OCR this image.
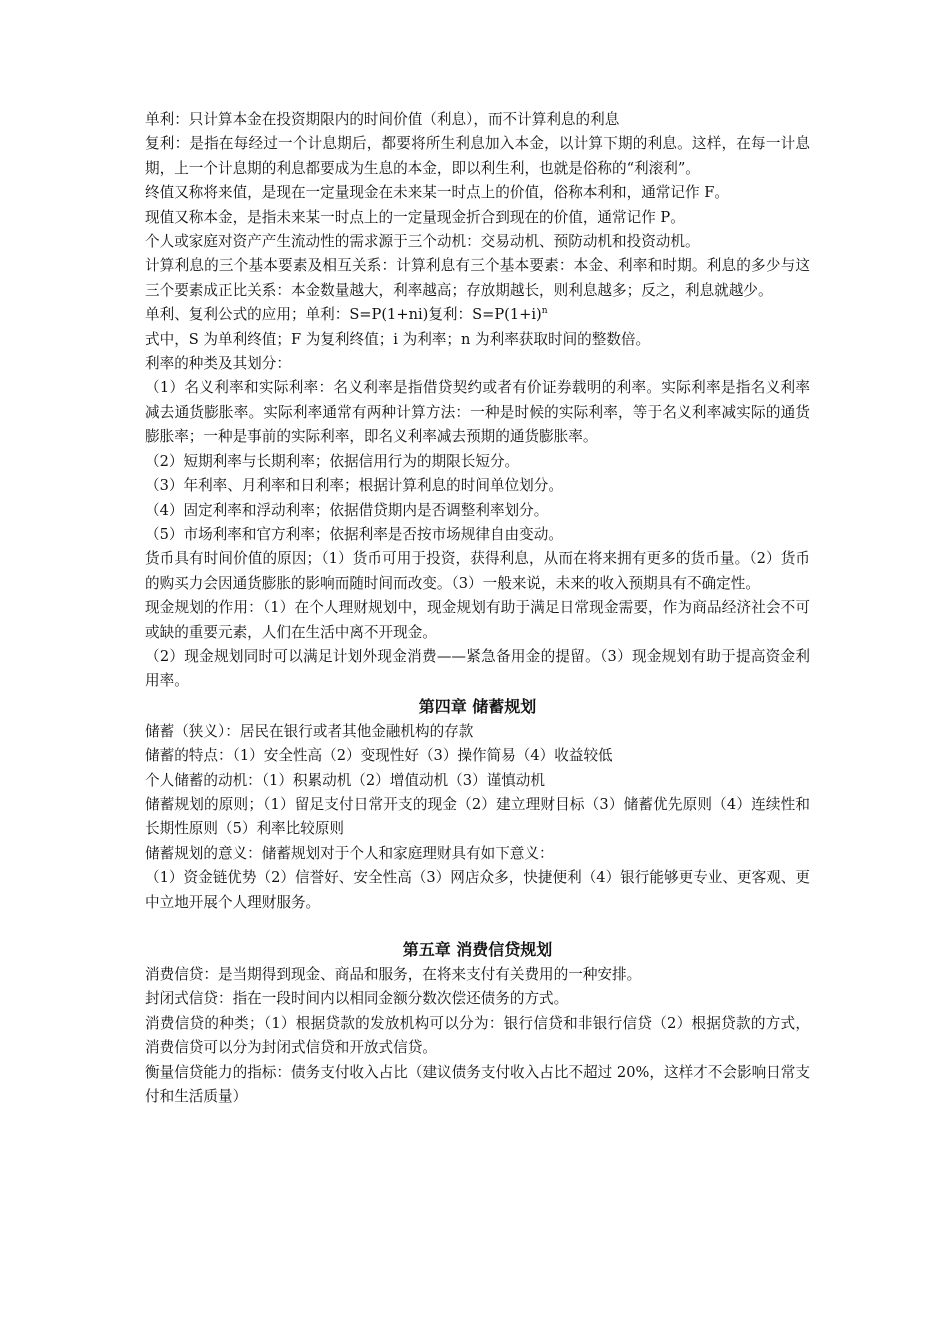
单利：只计算本金在投资期限内的时间价值（利息），而不计算利息的利息

复利：是指在每经过一个计息期后，都要将所生利息加入本金，以计算下期的利息。这样，在每一计息期，上一个计息期的利息都要成为生息的本金，即以利生利，也就是俗称的“利滚利”。

终值又称将来值，是现在一定量现金在未来某一时点上的价值，俗称本利和，通常记作 F。

现值又称本金，是指未来某一时点上的一定量现金折合到现在的价值，通常记作 P。

个人或家庭对资产产生流动性的需求源于三个动机：交易动机、预防动机和投资动机。

计算利息的三个基本要素及相互关系：计算利息有三个基本要素：本金、利率和时期。利息的多少与这三个要素成正比关系：本金数量越大，利率越高；存放期越长，则利息越多；反之，利息就越少。

单利、复利公式的应用；单利：S=P(1+ni)复利：$S=P(1+i)^n$

式中，S 为单利终值；F 为复利终值；i 为利率；n 为利率获取时间的整数倍。

利率的种类及其划分：

（1）名义利率和实际利率：名义利率是指借贷契约或者有价证券载明的利率。实际利率是指名义利率减去通货膨胀率。实际利率通常有两种计算方法：一种是时候的实际利率，等于名义利率减实际的通货膨胀率；一种是事前的实际利率，即名义利率减去预期的通货膨胀率。

（2）短期利率与长期利率；依据信用行为的期限长短分。

（3）年利率、月利率和日利率；根据计算利息的时间单位划分。

（4）固定利率和浮动利率；依据借贷期内是否调整利率划分。

（5）市场利率和官方利率；依据利率是否按市场规律自由变动。

货币具有时间价值的原因；（1）货币可用于投资，获得利息，从而在将来拥有更多的货币量。（2）货币的购买力会因通货膨胀的影响而随时间而改变。（3）一般来说，未来的收入预期具有不确定性。

现金规划的作用：（1）在个人理财规划中，现金规划有助于满足日常现金需要，作为商品经济社会不可或缺的重要元素，人们在生活中离不开现金。

（2）现金规划同时可以满足计划外现金消费——紧急备用金的提留。（3）现金规划有助于提高资金利用率。

第四章 储蓄规划

储蓄（狭义）：居民在银行或者其他金融机构的存款

储蓄的特点：（1）安全性高（2）变现性好（3）操作简易（4）收益较低

个人储蓄的动机：（1）积累动机（2）增值动机（3）谨慎动机

储蓄规划的原则；（1）留足支付日常开支的现金（2）建立理财目标（3）储蓄优先原则（4）连续性和长期性原则（5）利率比较原则

储蓄规划的意义：储蓄规划对于个人和家庭理财具有如下意义：

（1）资金链优势（2）信誉好、安全性高（3）网店众多，快捷便利（4）银行能够更专业、更客观、更中立地开展个人理财服务。

第五章 消费信贷规划

消费信贷：是当期得到现金、商品和服务，在将来支付有关费用的一种安排。

封闭式信贷：指在一段时间内以相同金额分数次偿还债务的方式。

消费信贷的种类；（1）根据贷款的发放机构可以分为：银行信贷和非银行信贷（2）根据贷款的方式，消费信贷可以分为封闭式信贷和开放式信贷。

衡量信贷能力的指标：债务支付收入占比（建议债务支付收入占比不超过 20%，这样才不会影响日常支付和生活质量）
